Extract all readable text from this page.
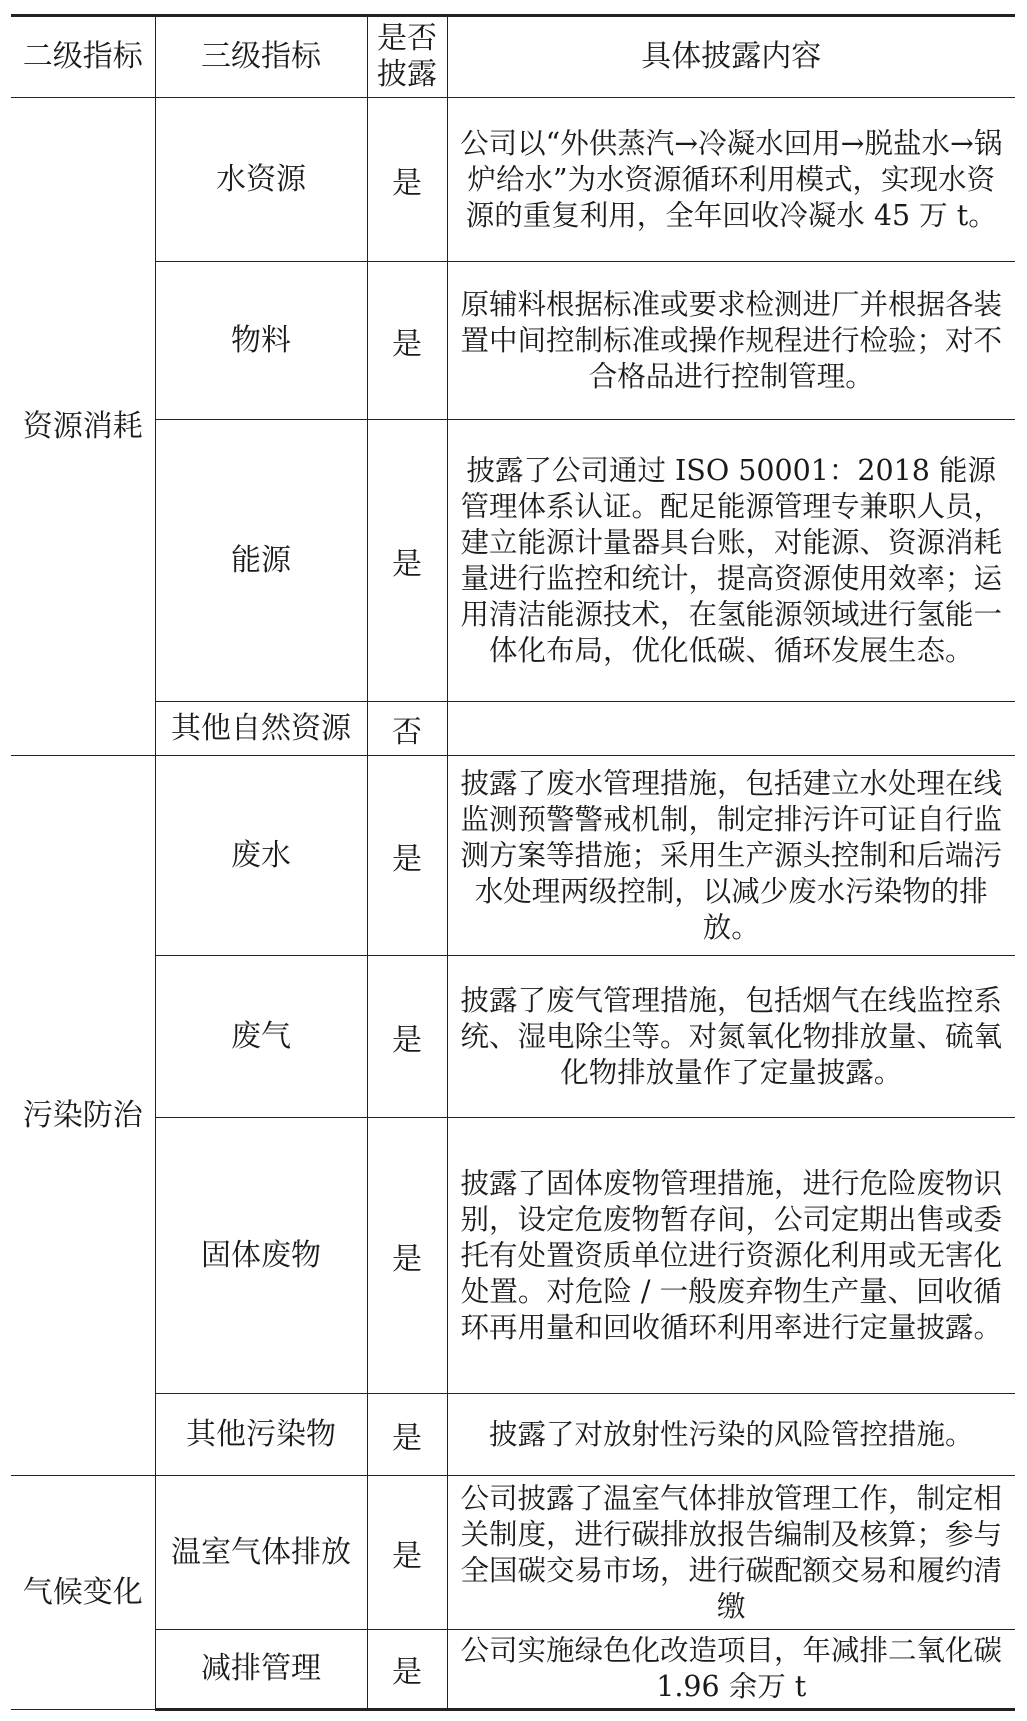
二级指标	三级指标	是否披露	具体披露内容
资源消耗	水资源	是	公司以“外供蒸汽→冷凝水回用→脱盐水→锅炉给水”为水资源循环利用模式，实现水资源的重复利用，全年回收冷凝水 45 万 t。
	物料	是	原辅料根据标准或要求检测进厂并根据各装置中间控制标准或操作规程进行检验；对不合格品进行控制管理。
	能源	是	披露了公司通过 ISO 50001：2018 能源管理体系认证。配足能源管理专兼职人员，建立能源计量器具台账，对能源、资源消耗量进行监控和统计，提高资源使用效率；运用清洁能源技术，在氢能源领域进行氢能一体化布局，优化低碳、循环发展生态。
	其他自然资源	否	
污染防治	废水	是	披露了废水管理措施，包括建立水处理在线监测预警警戒机制，制定排污许可证自行监测方案等措施；采用生产源头控制和后端污水处理两级控制，以减少废水污染物的排放。
	废气	是	披露了废气管理措施，包括烟气在线监控系统、湿电除尘等。对氮氧化物排放量、硫氧化物排放量作了定量披露。
	固体废物	是	披露了固体废物管理措施，进行危险废物识别，设定危废物暂存间，公司定期出售或委托有处置资质单位进行资源化利用或无害化处置。对危险 / 一般废弃物生产量、回收循环再用量和回收循环利用率进行定量披露。
	其他污染物	是	披露了对放射性污染的风险管控措施。
气候变化	温室气体排放	是	公司披露了温室气体排放管理工作，制定相关制度，进行碳排放报告编制及核算；参与全国碳交易市场，进行碳配额交易和履约清缴
	减排管理	是	公司实施绿色化改造项目，年减排二氧化碳 1.96 余万 t
